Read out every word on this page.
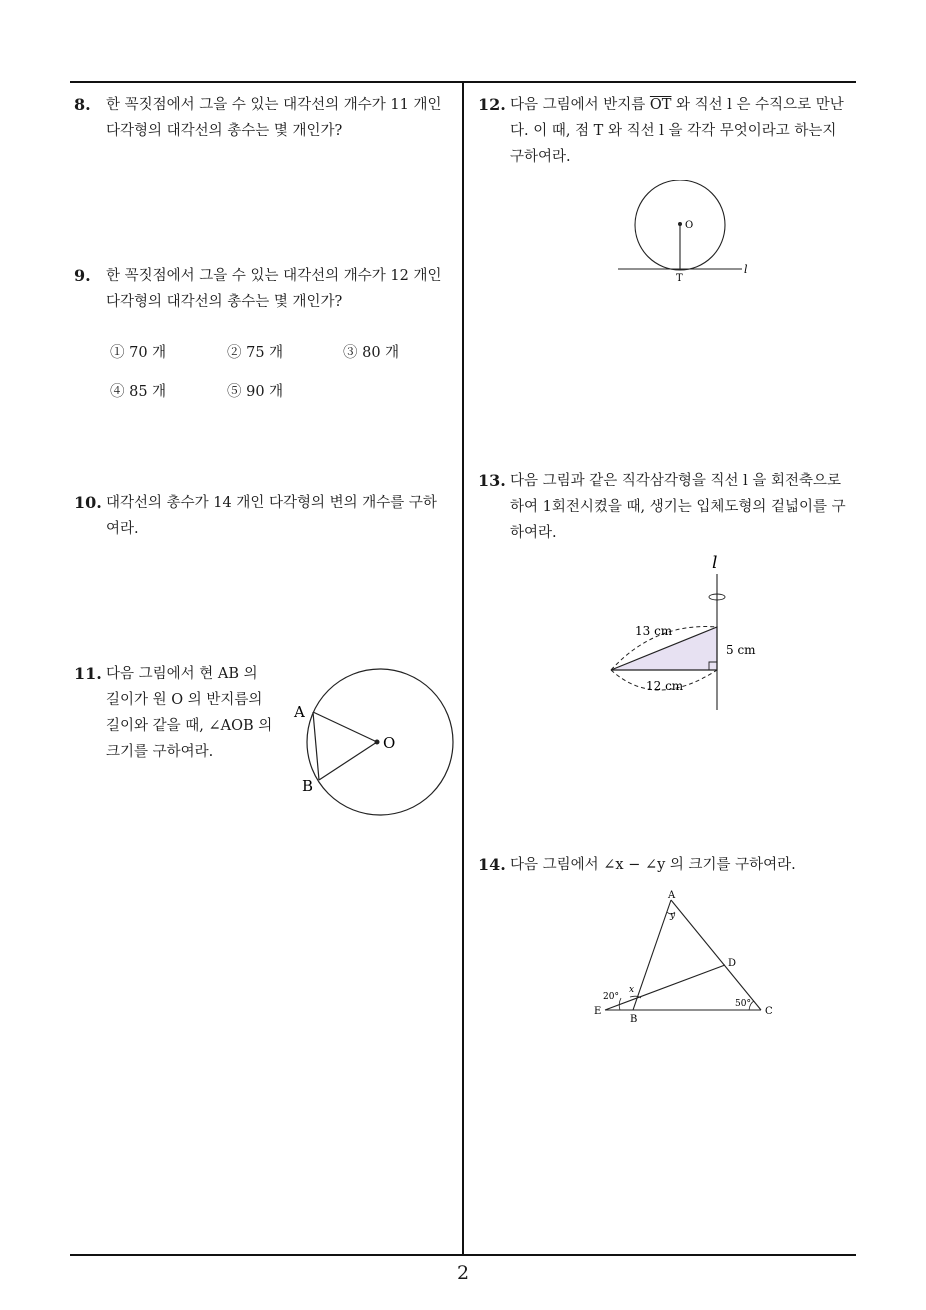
8. 한 꼭짓점에서 그을 수 있는 대각선의 개수가 11 개인
다각형의 대각선의 총수는 몇 개인가?
9. 한 꼭짓점에서 그을 수 있는 대각선의 개수가 12 개인
다각형의 대각선의 총수는 몇 개인가?
① 70 개	② 75 개	③ 80 개
④ 85 개	⑤ 90 개
10. 대각선의 총수가 14 개인 다각형의 변의 개수를 구하
여라.
11. 다음 그림에서 현 AB 의
길이가 원 O 의 반지름의
길이와 같을 때, ∠AOB 의
크기를 구하여라.
A
B
O
12. 다음 그림에서 반지름 $\overline{OT}$ 와 직선 l 은 수직으로 만난
다. 이 때, 점 T 와 직선 l 을 각각 무엇이라고 하는지
구하여라.
O
T
l
13. 다음 그림과 같은 직각삼각형을 직선 l 을 회전축으로
하여 1회전시켰을 때, 생기는 입체도형의 겉넓이를 구
하여라.
l
13 cm
5 cm
12 cm
14. 다음 그림에서 ∠x − ∠y 의 크기를 구하여라.
A
B
C
D
E
x
y
20°
50°
2
